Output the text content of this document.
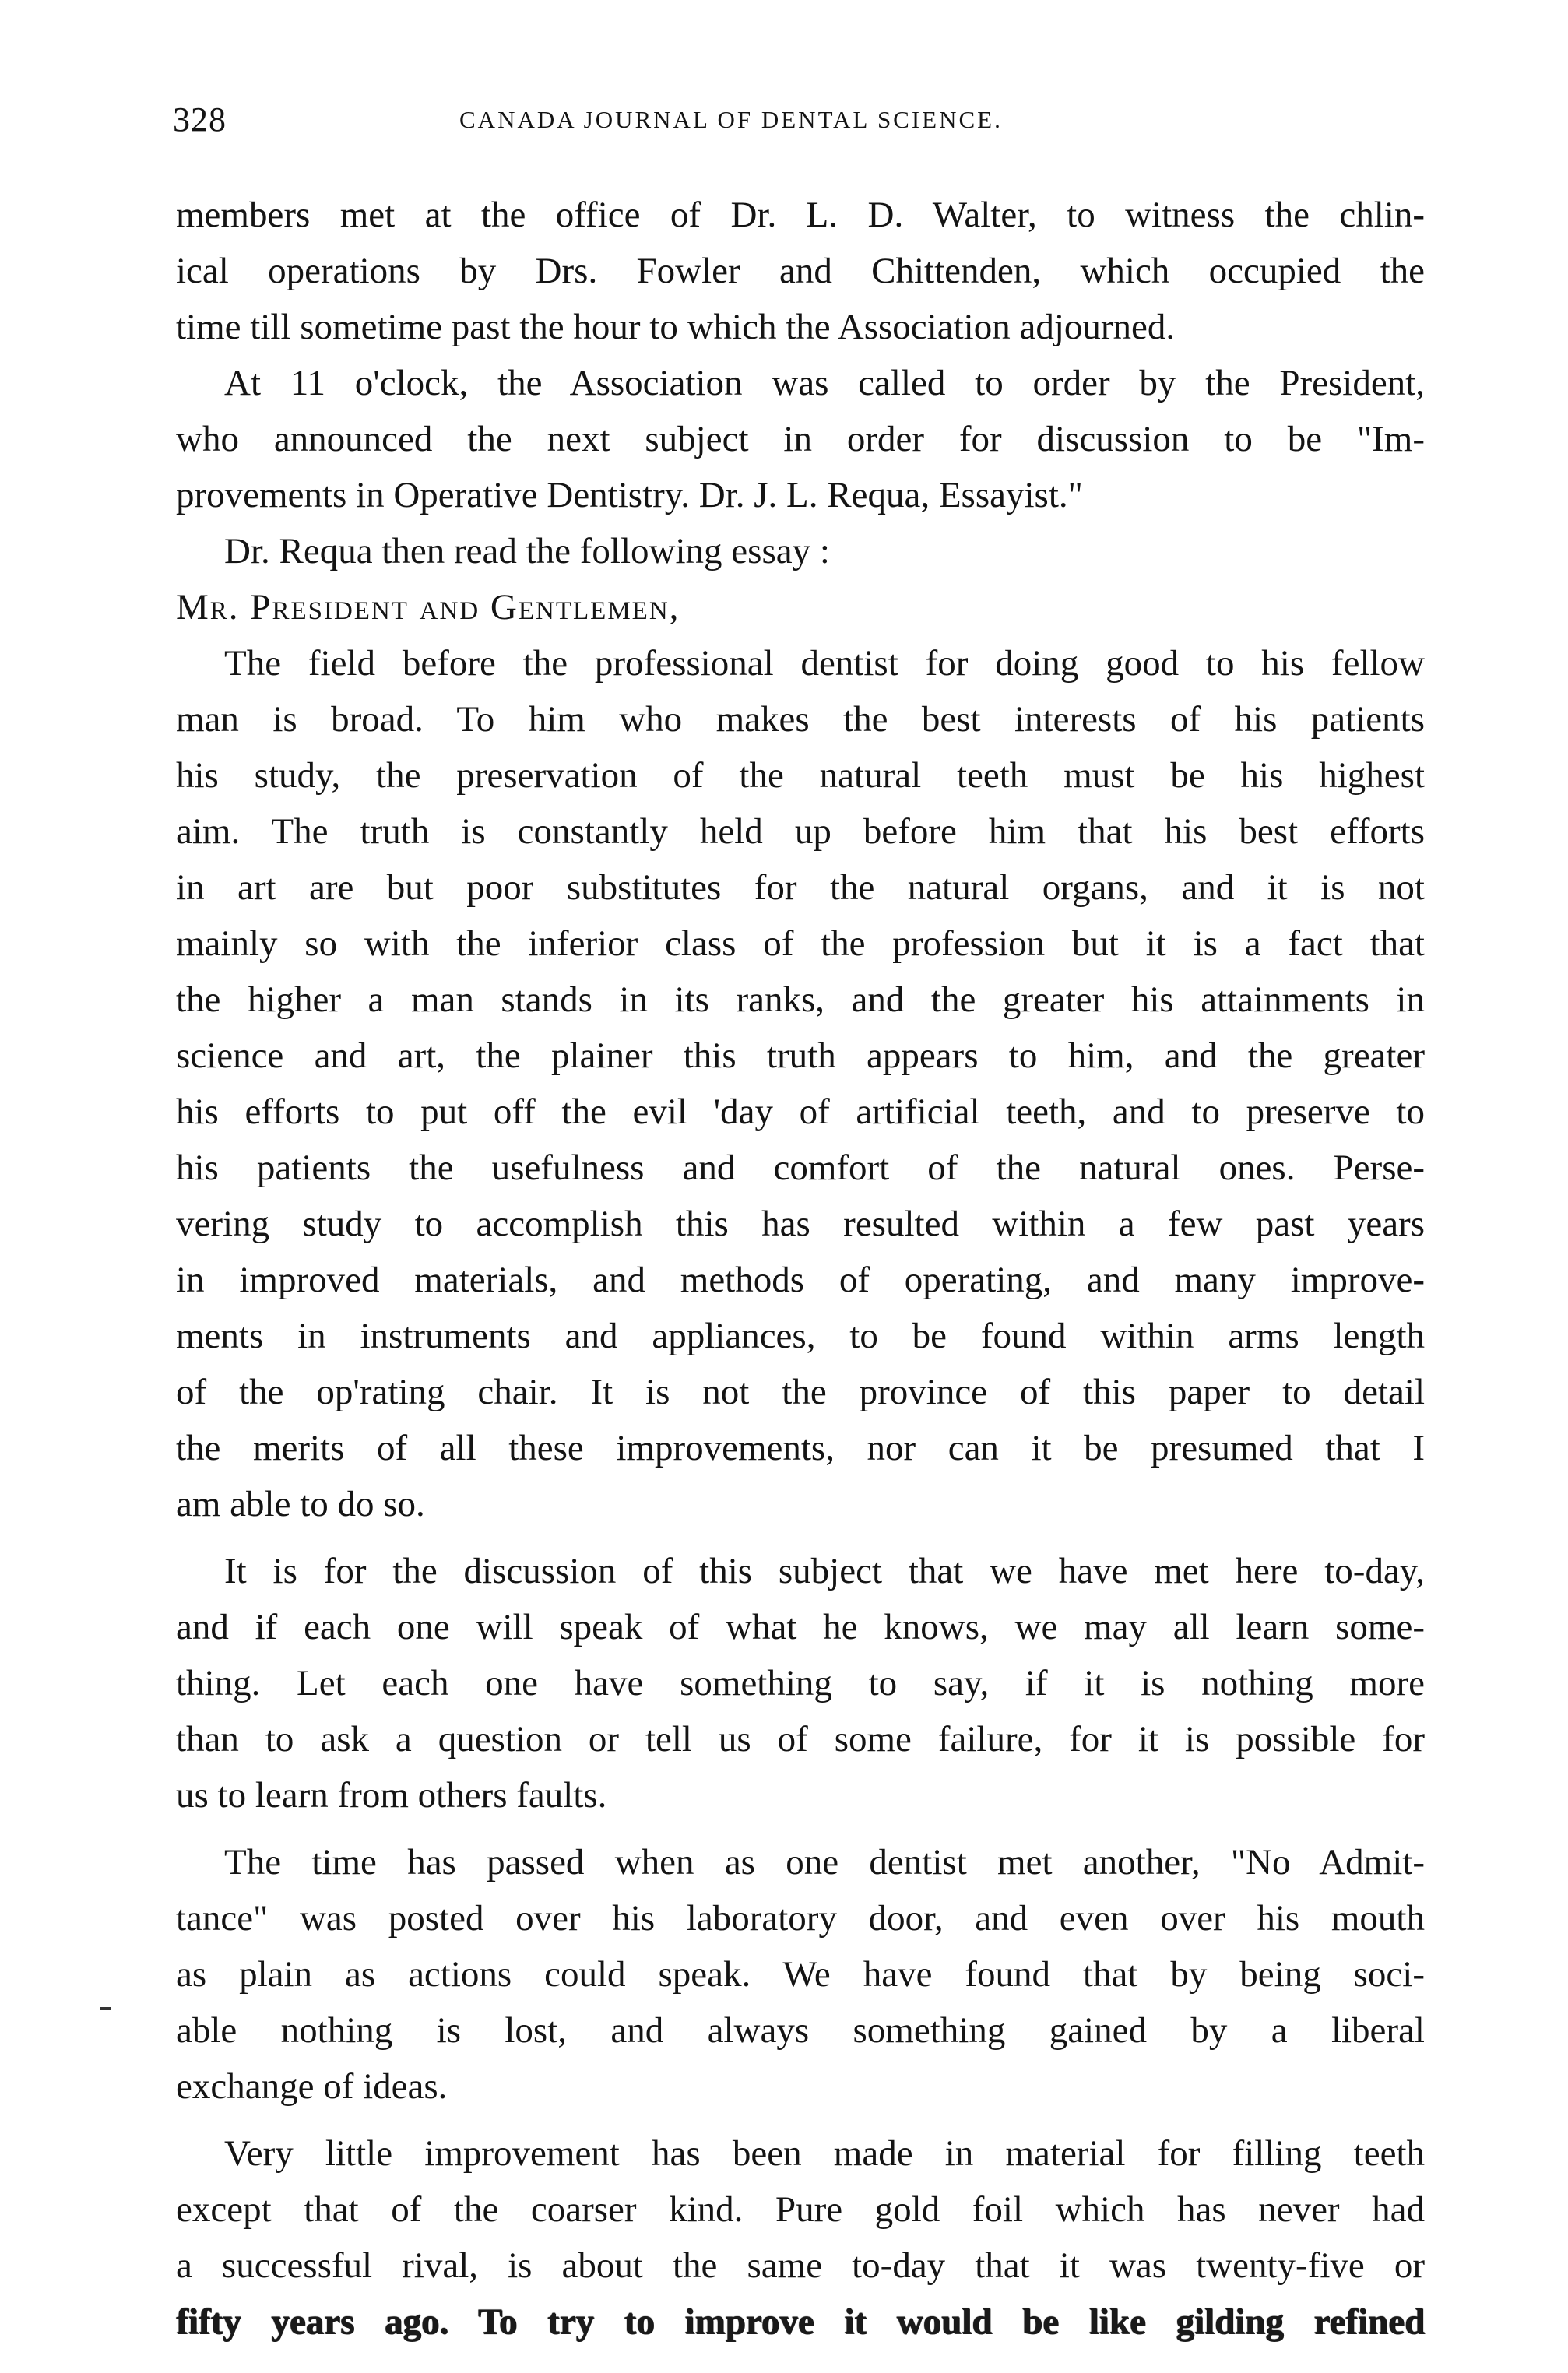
328	CANADA JOURNAL OF DENTAL SCIENCE.
members met at the office of Dr. L. D. Walter, to witness the chlin-
ical operations by Drs. Fowler and Chittenden, which occupied the
time till sometime past the hour to which the Association adjourned.
At 11 o'clock, the Association was called to order by the President,
who announced the next subject in order for discussion to be "Im-
provements in Operative Dentistry. Dr. J. L. Requa, Essayist."
Dr. Requa then read the following essay :
Mr. President and Gentlemen,
The field before the professional dentist for doing good to his fellow
man is broad. To him who makes the best interests of his patients
his study, the preservation of the natural teeth must be his highest
aim. The truth is constantly held up before him that his best efforts
in art are but poor substitutes for the natural organs, and it is not
mainly so with the inferior class of the profession but it is a fact that
the higher a man stands in its ranks, and the greater his attainments in
science and art, the plainer this truth appears to him, and the greater
his efforts to put off the evil 'day of artificial teeth, and to preserve to
his patients the usefulness and comfort of the natural ones. Perse-
vering study to accomplish this has resulted within a few past years
in improved materials, and methods of operating, and many improve-
ments in instruments and appliances, to be found within arms length
of the op'rating chair. It is not the province of this paper to detail
the merits of all these improvements, nor can it be presumed that I
am able to do so.
It is for the discussion of this subject that we have met here to-day,
and if each one will speak of what he knows, we may all learn some-
thing. Let each one have something to say, if it is nothing more
than to ask a question or tell us of some failure, for it is possible for
us to learn from others faults.
The time has passed when as one dentist met another, "No Admit-
tance" was posted over his laboratory door, and even over his mouth
as plain as actions could speak. We have found that by being soci-
able nothing is lost, and always something gained by a liberal
exchange of ideas.
Very little improvement has been made in material for filling teeth
except that of the coarser kind. Pure gold foil which has never had
a successful rival, is about the same to-day that it was twenty-five or
fifty years ago. To try to improve it would be like gilding refined
